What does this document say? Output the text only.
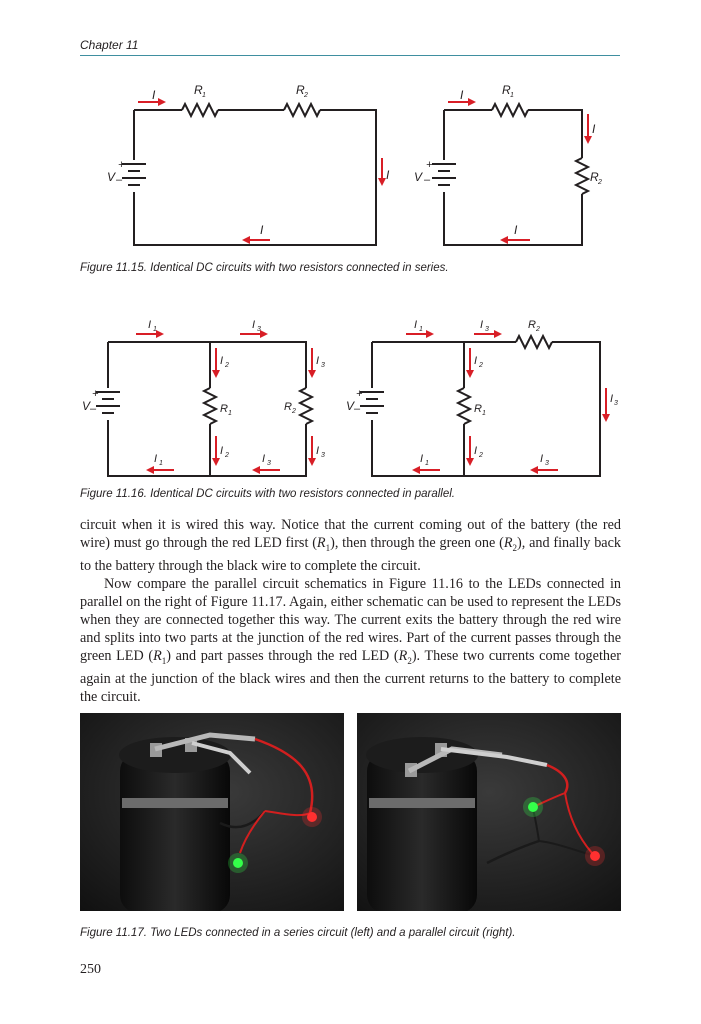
Chapter 11
I	R 1	R 2
I
I
V
+
–
I	R 1
I
R 2
I
V
+
–
Figure 11.15. Identical DC circuits with two resistors connected in series.
I 1	I 3
I 2	I 3
R 1
R 2
I 2	I 3
I 1	I 3
V
+
–
I 1	I 3	R 2
I 2
R 1
I 3
I 2
I 1	I 3
V
+
–
Figure 11.16. Identical DC circuits with two resistors connected in parallel.

circuit when it is wired this way. Notice that the current coming out of the battery (the red wire) must go through the red LED first $(R_1)$, then through the green one $(R_2)$, and finally back to the battery through the black wire to complete the circuit.

Now compare the parallel circuit schematics in Figure 11.16 to the LEDs connected in parallel on the right of Figure 11.17. Again, either schematic can be used to represent the LEDs when they are connected together this way. The current exits the battery through the red wire and splits into two parts at the junction of the red wires. Part of the current passes through the green LED $(R_1)$ and part passes through the red LED $(R_2)$. These two currents come together again at the junction of the black wires and then the current returns to the battery to complete the circuit.

Figure 11.17. Two LEDs connected in a series circuit (left) and a parallel circuit (right).
250
